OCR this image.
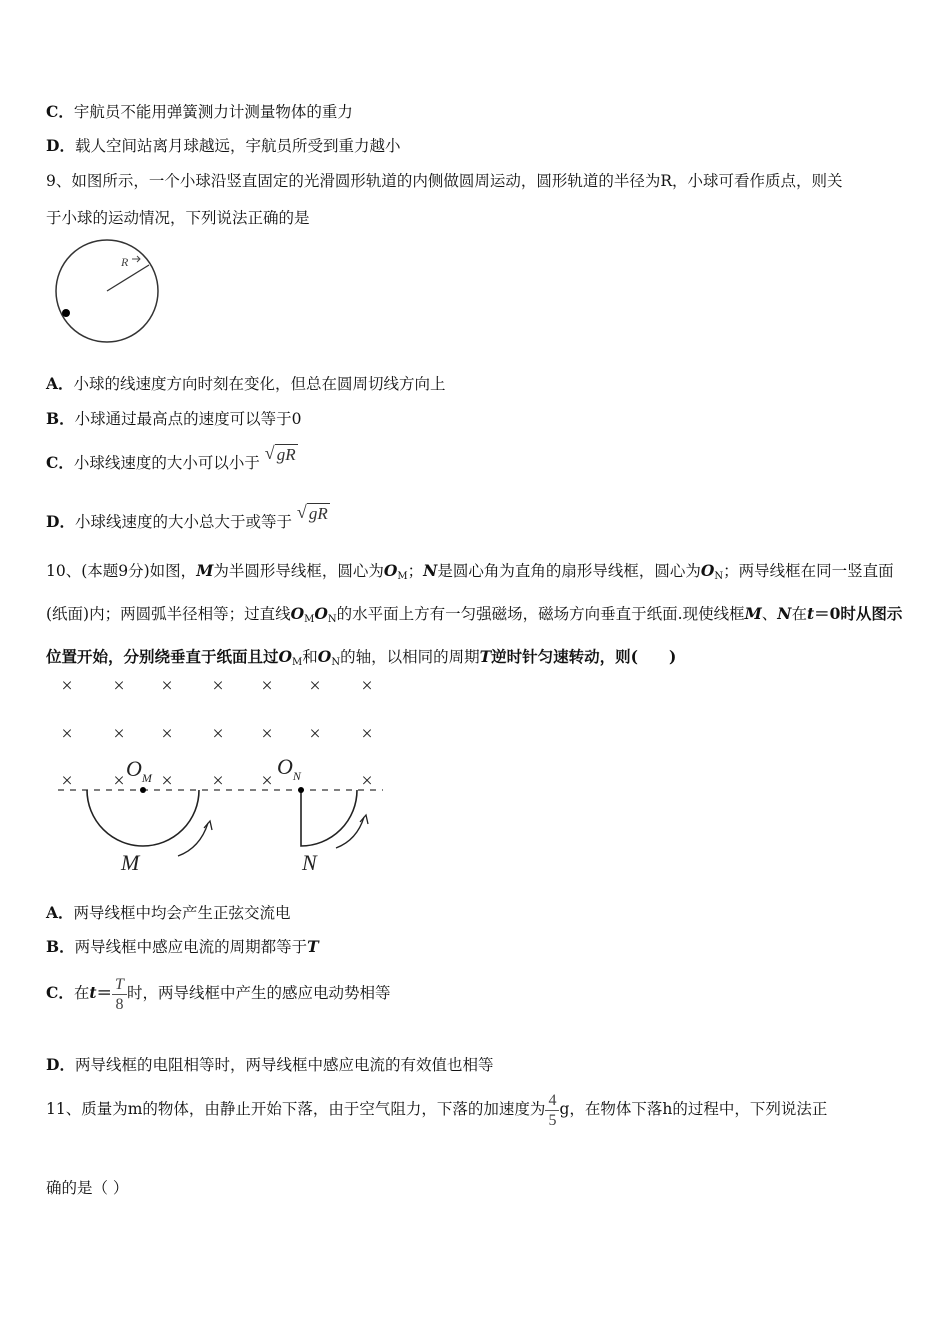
C．宇航员不能用弹簧测力计测量物体的重力
D．载人空间站离月球越远，宇航员所受到重力越小
9、如图所示，一个小球沿竖直固定的光滑圆形轨道的内侧做圆周运动，圆形轨道的半径为R，小球可看作质点，则关
于小球的运动情况，下列说法正确的是
R
A．小球的线速度方向时刻在变化，但总在圆周切线方向上
B．小球通过最高点的速度可以等于0
C．小球线速度的大小可以小于 √ gR
D．小球线速度的大小总大于或等于 √ gR
10、(本题9分)如图，M为半圆形导线框，圆心为$O_M$；N是圆心角为直角的扇形导线框，圆心为$O_N$；两导线框在同一竖直面(纸面)内；两圆弧半径相等；过直线$O_MO_N$的水平面上方有一匀强磁场，磁场方向垂直于纸面.现使线框M、N在t＝0时从图示位置开始，分别绕垂直于纸面且过$O_M$和$O_N$的轴，以相同的周期T逆时针匀速转动，则(　　)
× × × × × × ×
× × × × × × ×
× × × × ×	×
$O_M$	$O_N$
M	N
A．两导线框中均会产生正弦交流电
B．两导线框中感应电流的周期都等于T
C．在$t= \frac{T}{8}$ 时，两导线框中产生的感应电动势相等
D．两导线框的电阻相等时，两导线框中感应电流的有效值也相等
11、质量为m的物体，由静止开始下落，由于空气阻力，下落的加速度为 $\frac{4}{5}$ g，在物体下落h的过程中，下列说法正
确的是（ ）
